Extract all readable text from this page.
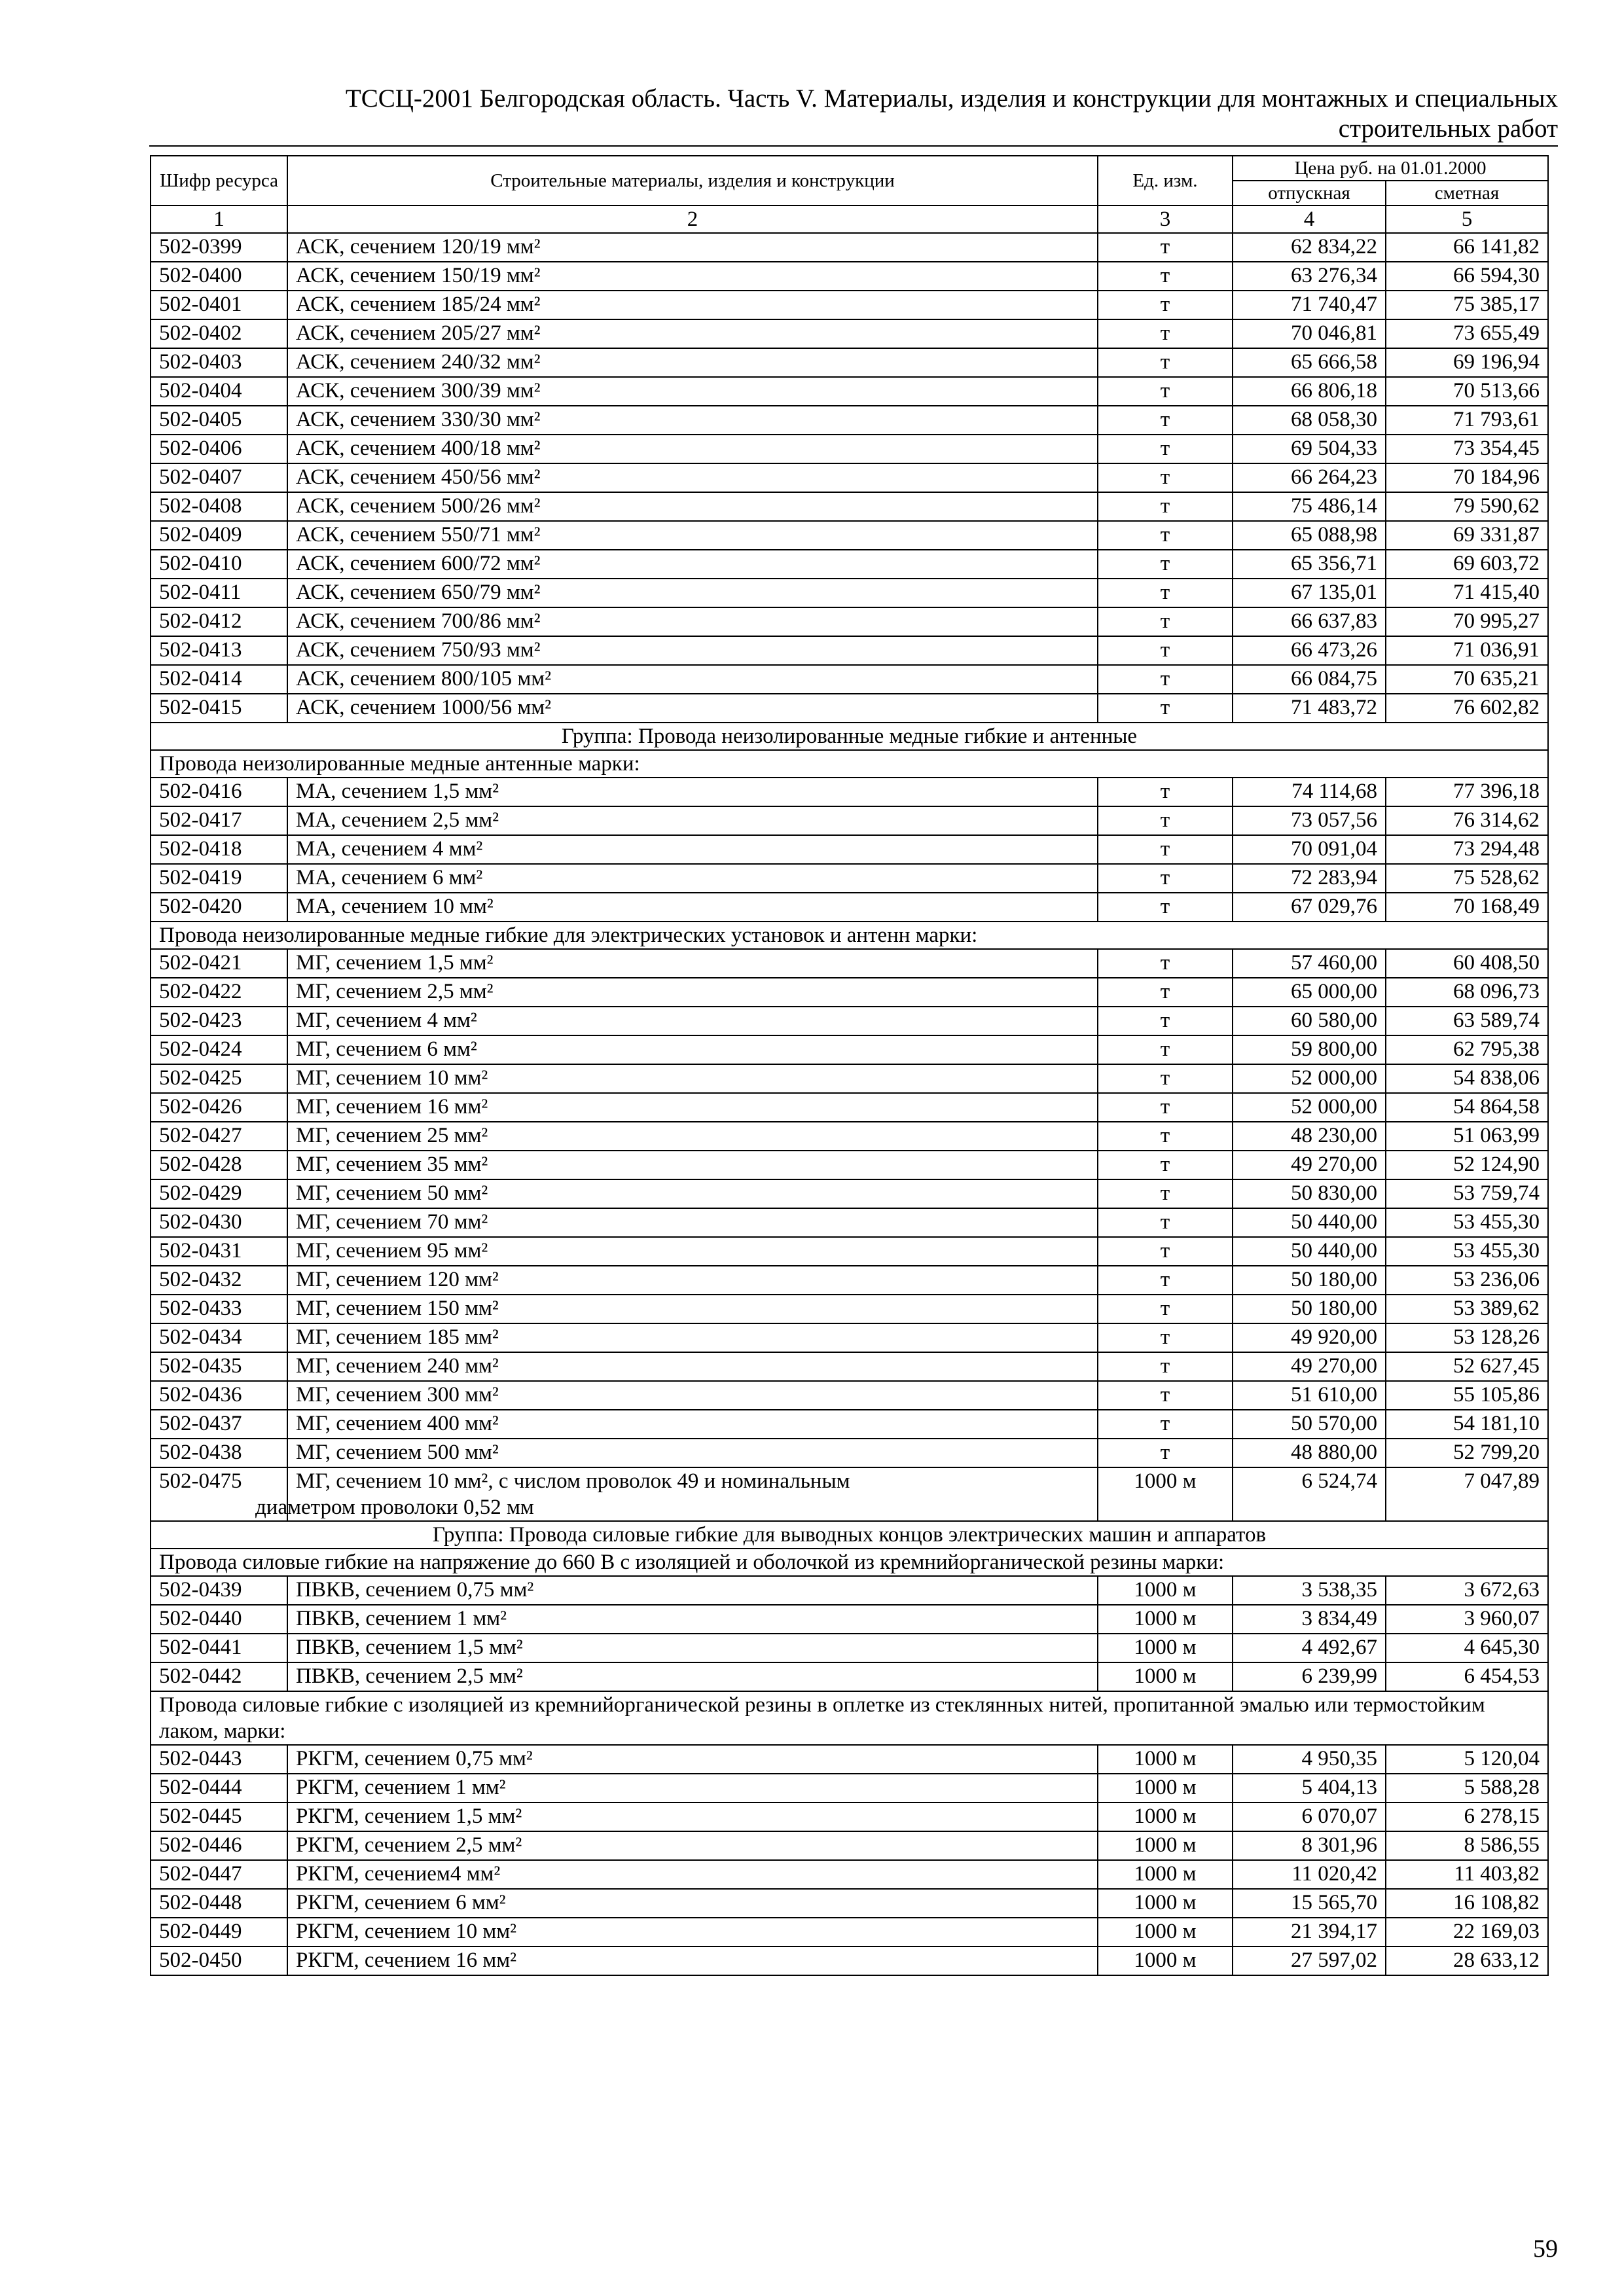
ТССЦ-2001 Белгородская область. Часть V. Материалы, изделия и конструкции для монтажных и специальных
строительных работ
Шифр ресурса	Строительные материалы, изделия и конструкции	Ед. изм.	Цена руб. на 01.01.2000	
			отпускная	сметная
1	2	3	4	5
502-0399	АСК, сечением 120/19 мм²	т	62 834,22	66 141,82
502-0400	АСК, сечением 150/19 мм²	т	63 276,34	66 594,30
502-0401	АСК, сечением 185/24 мм²	т	71 740,47	75 385,17
502-0402	АСК, сечением 205/27 мм²	т	70 046,81	73 655,49
502-0403	АСК, сечением 240/32 мм²	т	65 666,58	69 196,94
502-0404	АСК, сечением 300/39 мм²	т	66 806,18	70 513,66
502-0405	АСК, сечением 330/30 мм²	т	68 058,30	71 793,61
502-0406	АСК, сечением 400/18 мм²	т	69 504,33	73 354,45
502-0407	АСК, сечением 450/56 мм²	т	66 264,23	70 184,96
502-0408	АСК, сечением 500/26 мм²	т	75 486,14	79 590,62
502-0409	АСК, сечением 550/71 мм²	т	65 088,98	69 331,87
502-0410	АСК, сечением 600/72 мм²	т	65 356,71	69 603,72
502-0411	АСК, сечением 650/79 мм²	т	67 135,01	71 415,40
502-0412	АСК, сечением 700/86 мм²	т	66 637,83	70 995,27
502-0413	АСК, сечением 750/93 мм²	т	66 473,26	71 036,91
502-0414	АСК, сечением 800/105 мм²	т	66 084,75	70 635,21
502-0415	АСК, сечением 1000/56 мм²	т	71 483,72	76 602,82
Группа: Провода неизолированные медные гибкие и антенные				
Провода неизолированные медные антенные марки:				
502-0416	МА, сечением 1,5 мм²	т	74 114,68	77 396,18
502-0417	МА, сечением 2,5 мм²	т	73 057,56	76 314,62
502-0418	МА, сечением 4 мм²	т	70 091,04	73 294,48
502-0419	МА, сечением 6 мм²	т	72 283,94	75 528,62
502-0420	МА, сечением 10 мм²	т	67 029,76	70 168,49
Провода неизолированные медные гибкие для электрических установок и антенн марки:				
502-0421	МГ, сечением 1,5 мм²	т	57 460,00	60 408,50
502-0422	МГ, сечением 2,5 мм²	т	65 000,00	68 096,73
502-0423	МГ, сечением 4 мм²	т	60 580,00	63 589,74
502-0424	МГ, сечением 6 мм²	т	59 800,00	62 795,38
502-0425	МГ, сечением 10 мм²	т	52 000,00	54 838,06
502-0426	МГ, сечением 16 мм²	т	52 000,00	54 864,58
502-0427	МГ, сечением 25 мм²	т	48 230,00	51 063,99
502-0428	МГ, сечением 35 мм²	т	49 270,00	52 124,90
502-0429	МГ, сечением 50 мм²	т	50 830,00	53 759,74
502-0430	МГ, сечением 70 мм²	т	50 440,00	53 455,30
502-0431	МГ, сечением 95 мм²	т	50 440,00	53 455,30
502-0432	МГ, сечением 120 мм²	т	50 180,00	53 236,06
502-0433	МГ, сечением 150 мм²	т	50 180,00	53 389,62
502-0434	МГ, сечением 185 мм²	т	49 920,00	53 128,26
502-0435	МГ, сечением 240 мм²	т	49 270,00	52 627,45
502-0436	МГ, сечением 300 мм²	т	51 610,00	55 105,86
502-0437	МГ, сечением 400 мм²	т	50 570,00	54 181,10
502-0438	МГ, сечением 500 мм²	т	48 880,00	52 799,20
502-0475	МГ, сечением 10 мм², с числом проволок 49 и номинальным
диаметром проволоки 0,52 мм	1000 м	6 524,74	7 047,89
Группа: Провода силовые гибкие для выводных концов электрических машин и аппаратов				
Провода силовые гибкие на напряжение до 660 В с изоляцией и оболочкой из кремнийорганической резины марки:				
502-0439	ПВКВ, сечением 0,75 мм²	1000 м	3 538,35	3 672,63
502-0440	ПВКВ, сечением 1 мм²	1000 м	3 834,49	3 960,07
502-0441	ПВКВ, сечением 1,5 мм²	1000 м	4 492,67	4 645,30
502-0442	ПВКВ, сечением 2,5 мм²	1000 м	6 239,99	6 454,53
Провода силовые гибкие с изоляцией из кремнийорганической резины в оплетке из стеклянных нитей, пропитанной эмалью или термостойким лаком, марки:				
502-0443	РКГМ, сечением 0,75 мм²	1000 м	4 950,35	5 120,04
502-0444	РКГМ, сечением 1 мм²	1000 м	5 404,13	5 588,28
502-0445	РКГМ, сечением 1,5 мм²	1000 м	6 070,07	6 278,15
502-0446	РКГМ, сечением 2,5 мм²	1000 м	8 301,96	8 586,55
502-0447	РКГМ, сечением4 мм²	1000 м	11 020,42	11 403,82
502-0448	РКГМ, сечением 6 мм²	1000 м	15 565,70	16 108,82
502-0449	РКГМ, сечением 10 мм²	1000 м	21 394,17	22 169,03
502-0450	РКГМ, сечением 16 мм²	1000 м	27 597,02	28 633,12
59
